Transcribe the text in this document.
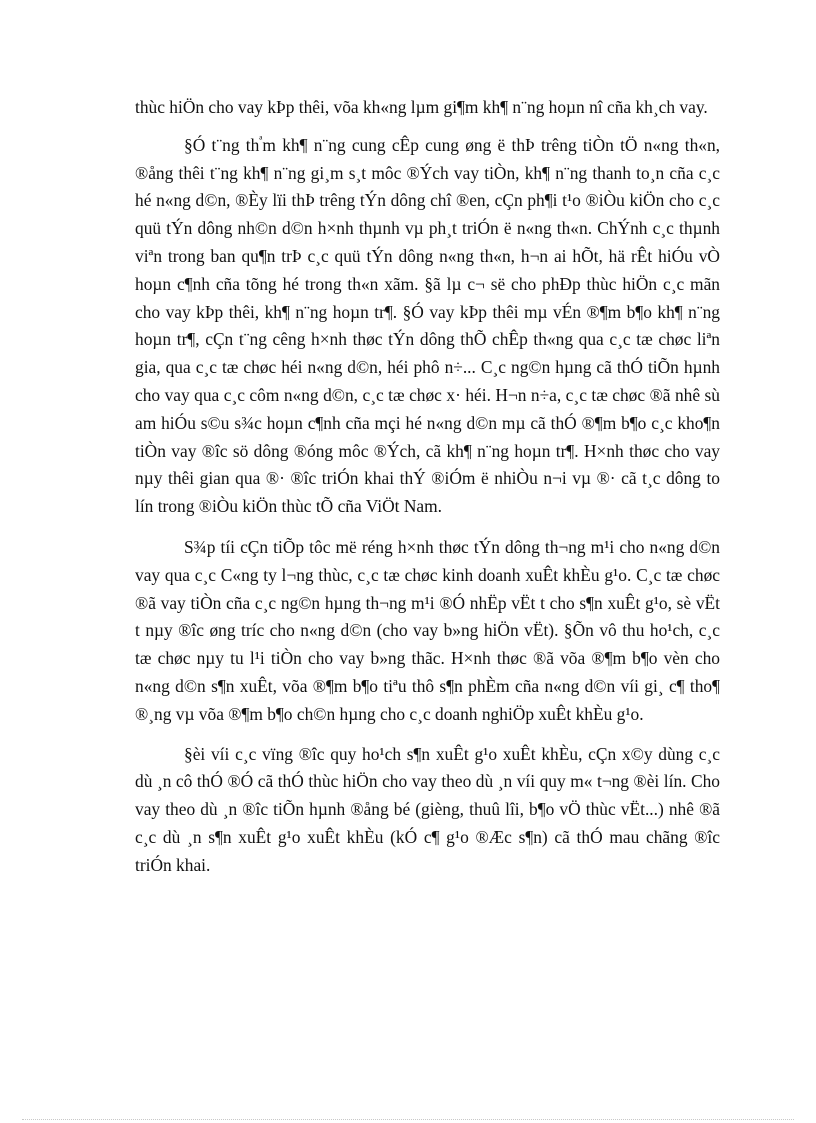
thùc hiÖn cho vay kÞp thêi, võa kh«ng lµm gi¶m kh¶ n¨ng hoµn nî cña kh¸ch vay.

§Ó t¨ng $th^ªm$ kh¶ n¨ng cung cÊp cung øng ë thÞ trêng tiÒn tÖ n«ng th«n, ®ång thêi t¨ng kh¶ n¨ng gi¸m s¸t môc ®Ých vay tiÒn, kh¶ n¨ng thanh to¸n cña c¸c hé n«ng d©n, ®Èy lïi thÞ trêng tÝn dông chî ®en, cÇn ph¶i t¹o ®iÒu kiÖn cho c¸c quü tÝn dông nh©n d©n h×nh thµnh vµ ph¸t triÓn ë n«ng th«n. ChÝnh c¸c thµnh viªn trong ban qu¶n trÞ c¸c quü tÝn dông n«ng th«n, h¬n ai hÕt, hä rÊt hiÓu vÒ hoµn c¶nh cña tõng hé trong th«n xãm. §ã lµ c¬ së cho phÐp thùc hiÖn c¸c mãn cho vay kÞp thêi, kh¶ n¨ng hoµn tr¶. §Ó vay kÞp thêi mµ vÉn ®¶m b¶o kh¶ n¨ng hoµn tr¶, cÇn t¨ng cêng h×nh thøc tÝn dông thÕ chÊp th«ng qua c¸c tæ chøc liªn gia, qua c¸c tæ chøc héi n«ng d©n, héi phô n÷... C¸c ng©n hµng cã thÓ tiÕn hµnh cho vay qua c¸c côm n«ng d©n, c¸c tæ chøc x· héi. H¬n n÷a, c¸c tæ chøc ®ã nhê sù am hiÓu s©u s¾c hoµn c¶nh cña mçi hé n«ng d©n mµ cã thÓ ®¶m b¶o c¸c kho¶n tiÒn vay ®îc sö dông ®óng môc ®Ých, cã kh¶ n¨ng hoµn tr¶. H×nh thøc cho vay nµy thêi gian qua ®· ®îc triÓn khai thÝ ®iÓm ë nhiÒu n¬i vµ ®· cã t¸c dông to lín trong ®iÒu kiÖn thùc tÕ cña ViÖt Nam.

S¾p tíi cÇn tiÕp tôc më réng h×nh thøc tÝn dông th¬ng m¹i cho n«ng d©n vay qua c¸c C«ng ty l¬ng thùc, c¸c tæ chøc kinh doanh xuÊt khÈu g¹o. C¸c tæ chøc ®ã vay tiÒn cña c¸c ng©n hµng th¬ng m¹i ®Ó nhËp vËt t cho s¶n xuÊt g¹o, sè vËt t nµy ®îc øng tríc cho n«ng d©n (cho vay b»ng hiÖn vËt). §Õn vô thu ho¹ch, c¸c tæ chøc nµy tu l¹i tiÒn cho vay b»ng thãc. H×nh thøc ®ã võa ®¶m b¶o vèn cho n«ng d©n s¶n xuÊt, võa ®¶m b¶o tiªu thô s¶n phÈm cña n«ng d©n víi gi¸ c¶ tho¶ ®¸ng vµ võa ®¶m b¶o ch©n hµng cho c¸c doanh nghiÖp xuÊt khÈu g¹o.

§èi víi c¸c vïng ®îc quy ho¹ch s¶n xuÊt g¹o xuÊt khÈu, cÇn x©y dùng c¸c dù ¸n cô thÓ ®Ó cã thÓ thùc hiÖn cho vay theo dù ¸n víi quy m« t¬ng ®èi lín. Cho vay theo dù ¸n ®îc tiÕn hµnh ®ång bé (gièng, thuû lîi, b¶o vÖ thùc vËt...) nhê ®ã c¸c dù ¸n s¶n xuÊt g¹o xuÊt khÈu (kÓ c¶ g¹o ®Æc s¶n) cã thÓ mau chãng ®îc triÓn khai.
